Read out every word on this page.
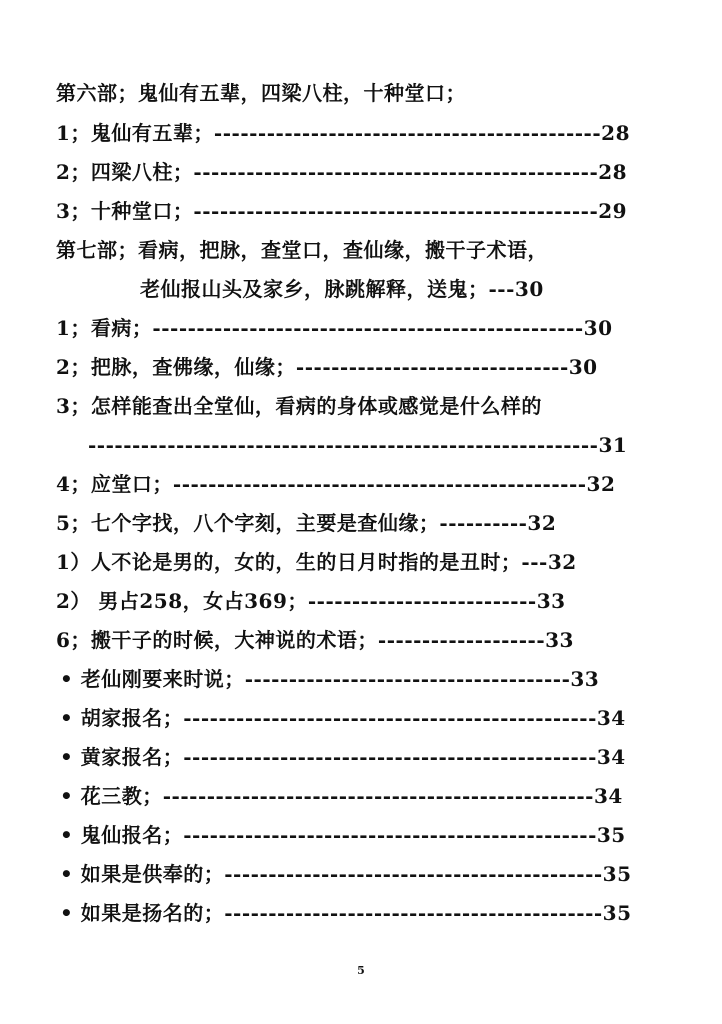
第六部；鬼仙有五辈，四梁八柱，十种堂口；
1；鬼仙有五辈；--------------------------------------------28
2；四梁八柱；----------------------------------------------28
3；十种堂口；----------------------------------------------29
第七部；看病，把脉，查堂口，查仙缘，搬干子术语，
老仙报山头及家乡，脉跳解释，送鬼；---30
1；看病；-------------------------------------------------30
2；把脉，查佛缘，仙缘；-------------------------------30
3；怎样能查出全堂仙，看病的身体或感觉是什么样的
----------------------------------------------------------31
4；应堂口；-----------------------------------------------32
5；七个字找，八个字刻，主要是查仙缘；----------32
1）人不论是男的，女的，生的日月时指的是丑时；---32
2） 男占258，女占369；--------------------------33
6；搬干子的时候，大神说的术语；-------------------33
• 老仙刚要来时说；-------------------------------------33
• 胡家报名；-----------------------------------------------34
• 黄家报名；-----------------------------------------------34
• 花三教；-------------------------------------------------34
• 鬼仙报名；-----------------------------------------------35
• 如果是供奉的；-------------------------------------------35
• 如果是扬名的；-------------------------------------------35
5
